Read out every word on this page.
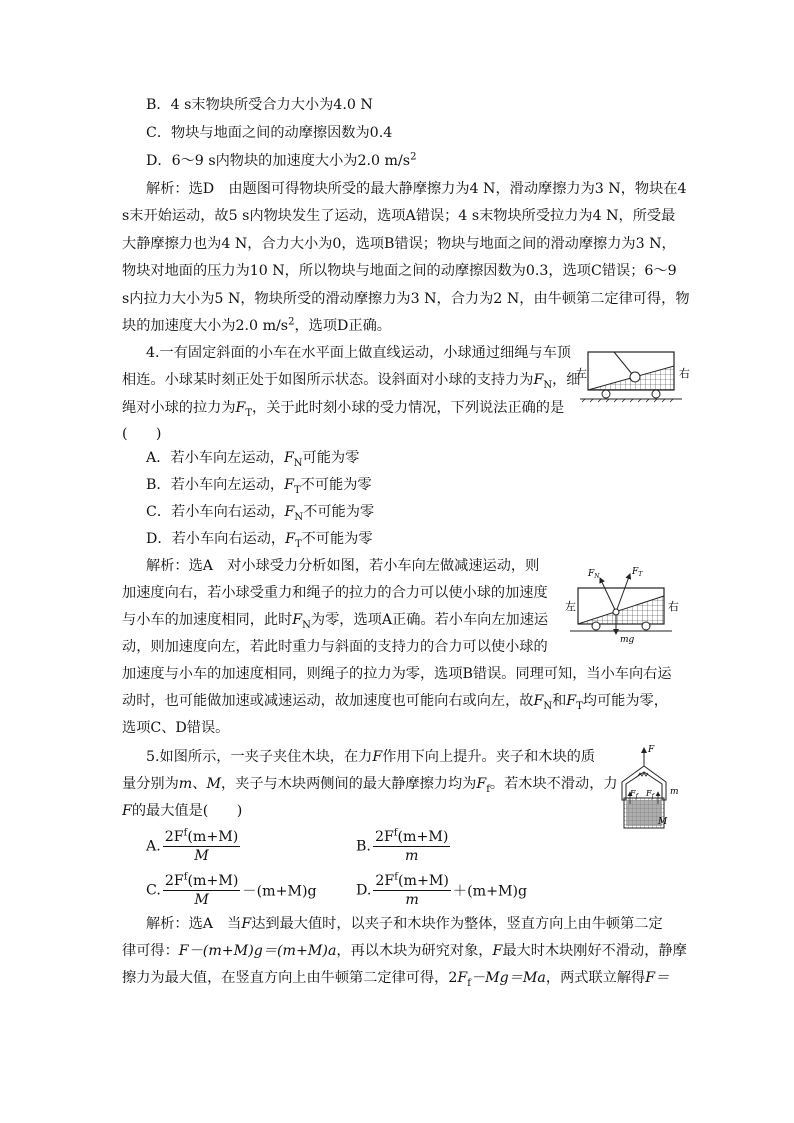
B．4 s末物块所受合力大小为4.0 N
C．物块与地面之间的动摩擦因数为0.4
D．6～9 s内物块的加速度大小为2.0 $m/s^2$
解析：选D　由题图可得物块所受的最大静摩擦力为4 N，滑动摩擦力为3 N，物块在4
s末开始运动，故5 s内物块发生了运动，选项A错误；4 s末物块所受拉力为4 N，所受最
大静摩擦力也为4 N，合力大小为0，选项B错误；物块与地面之间的滑动摩擦力为3 N，
物块对地面的压力为10 N，所以物块与地面之间的动摩擦因数为0.3，选项C错误；6～9
s内拉力大小为5 N，物块所受的滑动摩擦力为3 N，合力为2 N，由牛顿第二定律可得，物
块的加速度大小为2.0 $m/s^2$，选项D正确。
4.一有固定斜面的小车在水平面上做直线运动，小球通过细绳与车顶
相连。小球某时刻正处于如图所示状态。设斜面对小球的支持力为$F_N$，细
绳对小球的拉力为$F_T$，关于此时刻小球的受力情况，下列说法正确的是
(　　)
A．若小车向左运动，$F_N$可能为零
B．若小车向左运动，$F_T$不可能为零
C．若小车向右运动，$F_N$不可能为零
D．若小车向右运动，$F_T$不可能为零
左	右
解析：选A　对小球受力分析如图，若小车向左做减速运动，则
加速度向右，若小球受重力和绳子的拉力的合力可以使小球的加速度
与小车的加速度相同，此时$F_N$为零，选项A正确。若小车向左加速运
动，则加速度向左，若此时重力与斜面的支持力的合力可以使小球的
加速度与小车的加速度相同，则绳子的拉力为零，选项B错误。同理可知，当小车向右运
动时，也可能做加速或减速运动，故加速度也可能向右或向左，故$F_N$和$F_T$均可能为零，
选项C、D错误。
$F_N$	$F_T$
mg
左	右
5.如图所示，一夹子夹住木块，在力F作用下向上提升。夹子和木块的质
量分别为m、M，夹子与木块两侧间的最大静摩擦力均为$F_f$。若木块不滑动，力
F的最大值是(　　)
A. $\frac{2F^f(m+M)}{M}$	B. $\frac{2F^f(m+M)}{m}$
C. $\frac{2F^f(m+M)}{M} -(m+M)g$	D. $\frac{2F^f(m+M)}{m} +(m+M)g$
F
$F_f$ $F_f$ m
M
解析：选A　当F达到最大值时，以夹子和木块作为整体，竖直方向上由牛顿第二定
律可得：F－(m+M)g＝(m+M)a，再以木块为研究对象，F最大时木块刚好不滑动，静摩
擦力为最大值，在竖直方向上由牛顿第二定律可得，$2F_f-Mg=Ma$，两式联立解得F＝
